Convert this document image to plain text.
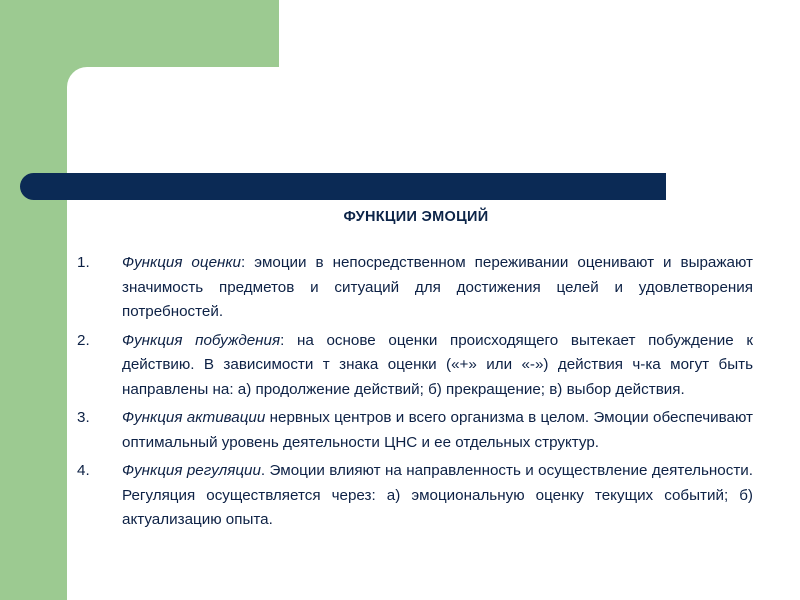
ФУНКЦИИ ЭМОЦИЙ
1. Функция оценки: эмоции в непосредственном переживании оценивают и выражают значимость предметов и ситуаций для достижения целей и удовлетворения потребностей.
2. Функция побуждения: на основе оценки происходящего вытекает побуждение к действию. В зависимости т знака оценки («+» или «-») действия ч-ка могут быть направлены на: а) продолжение действий; б) прекращение; в) выбор действия.
3. Функция активации нервных центров и всего организма в целом. Эмоции обеспечивают оптимальный уровень деятельности ЦНС и ее отдельных структур.
4. Функция регуляции. Эмоции влияют на направленность и осуществление деятельности. Регуляция осуществляется через: а) эмоциональную оценку текущих событий; б) актуализацию опыта.
